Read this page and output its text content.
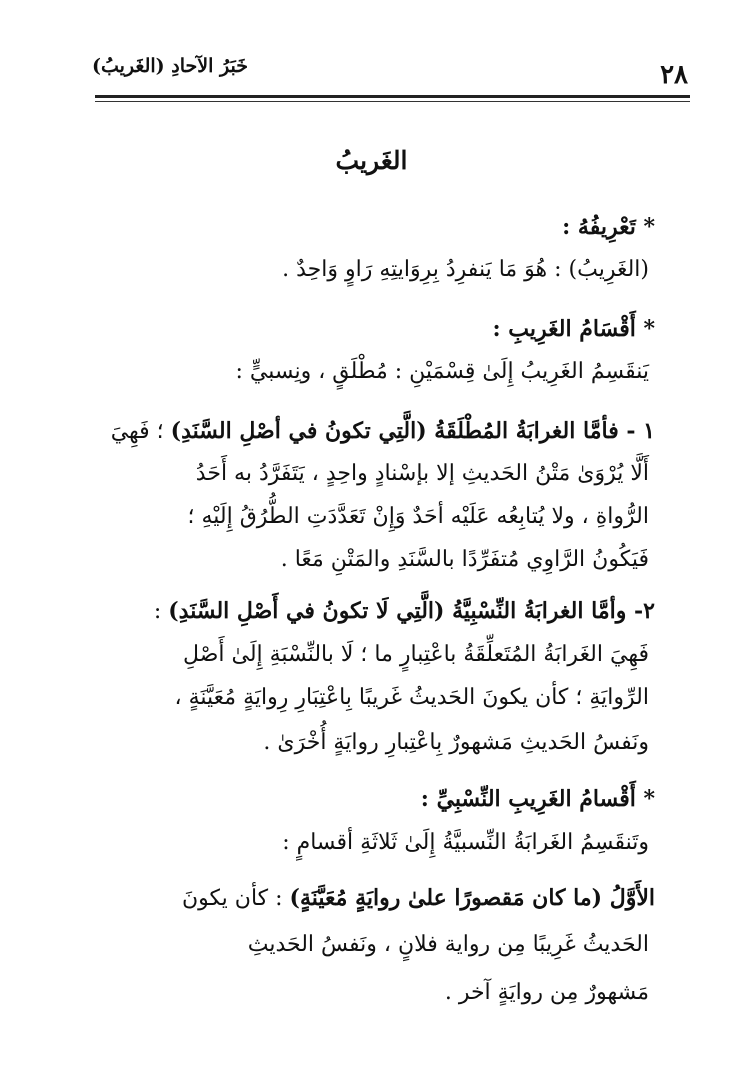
٢٨
خَبَرُ الآحادِ (الغَريبُ)
الغَريبُ
* تَعْرِيفُهُ :
(الغَرِيبُ) : هُوَ مَا يَنفرِدُ بِرِوَايتِهِ رَاوٍ وَاحِدٌ .
* أَقْسَامُ الغَرِيبِ :
يَنقَسِمُ الغَرِيبُ إِلَىٰ قِسْمَيْنِ : مُطْلَقٍ ، ونِسبيٍّ :
١ - فأمَّا الغرابَةُ المُطْلَقَةُ (الَّتِي تكونُ في أصْلِ السَّنَدِ) ؛ فَهِيَ
أَلَّا يُرْوَىٰ مَتْنُ الحَديثِ إلا بإسْنادٍ واحِدٍ ، يَتَفَرَّدُ به أَحَدُ
الرُّواةِ ، ولا يُتابِعُه عَلَيْه أحَدٌ وَإِنْ تَعَدَّدَتِ الطُّرُقُ إِلَيْهِ ؛
فَيَكُونُ الرَّاوِي مُتفَرِّدًا بالسَّنَدِ والمَتْنِ مَعًا .
٢- وأمَّا الغرابَةُ النِّسْبِيَّةُ (الَّتِي لَا تكونُ في أَصْلِ السَّنَدِ) :
فَهِيَ الغَرابَةُ المُتَعلِّقَةُ باعْتِبارٍ ما ؛ لَا بالنِّسْبَةِ إِلَىٰ أَصْلِ
الرِّوايَةِ ؛ كأن يكونَ الحَديثُ غَريبًا بِاعْتِبَارِ رِوايَةٍ مُعَيَّنَةٍ ،
ونَفسُ الحَديثِ مَشهورٌ بِاعْتِبارِ روايَةٍ أُخْرَىٰ .
* أَقْسامُ الغَرِيبِ النِّسْبِيِّ :
وتَنقَسِمُ الغَرابَةُ النِّسبيَّةُ إِلَىٰ ثَلاثَةِ أقسامٍ :
الأَوَّلُ (ما كان مَقصورًا علىٰ روايَةٍ مُعَيَّنَةٍ) : كأن يكونَ
الحَديثُ غَرِيبًا مِن رواية فلانٍ ، ونَفسُ الحَديثِ
مَشهورٌ مِن روايَةٍ آخر .
